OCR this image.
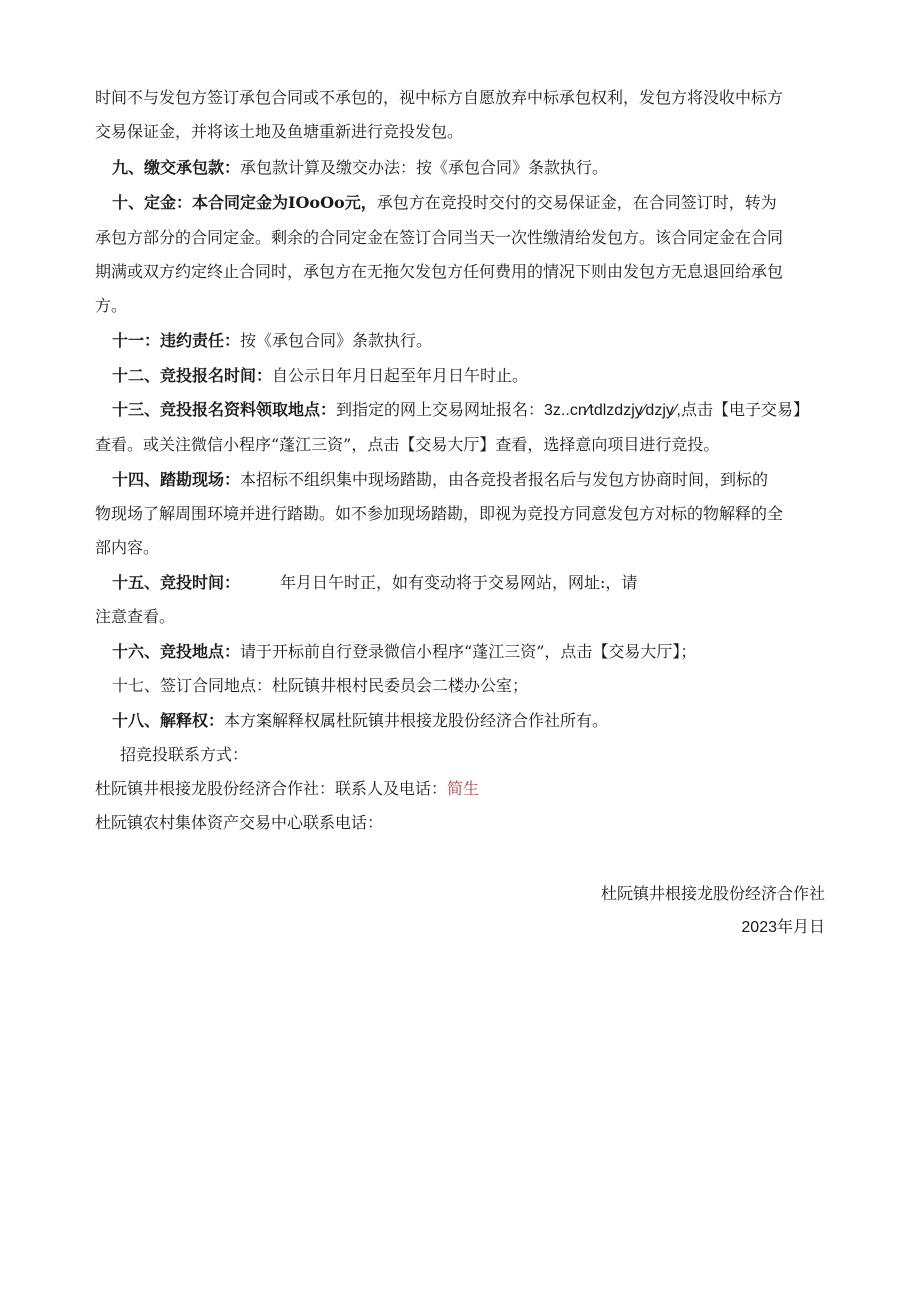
时间不与发包方签订承包合同或不承包的，视中标方自愿放弃中标承包权利，发包方将没收中标方
交易保证金，并将该土地及鱼塘重新进行竞投发包。
九、缴交承包款：承包款计算及缴交办法：按《承包合同》条款执行。
十、定金：本合同定金为IOoOo元，承包方在竞投时交付的交易保证金，在合同签订时，转为
承包方部分的合同定金。剩余的合同定金在签订合同当天一次性缴清给发包方。该合同定金在合同
期满或双方约定终止合同时，承包方在无拖欠发包方任何费用的情况下则由发包方无息退回给承包
方。
十一：违约责任：按《承包合同》条款执行。
十二、竞投报名时间：自公示日年月日起至年月日午时止。
十三、竞投报名资料领取地点：到指定的网上交易网址报名：3z..cn⁄tdlzdzjy⁄dzjy⁄,点击【电子交易】
查看。或关注微信小程序“蓬江三资”，点击【交易大厅】查看，选择意向项目进行竞投。
十四、踏勘现场：本招标不组织集中现场踏勘，由各竞投者报名后与发包方协商时间，到标的
物现场了解周围环境并进行踏勘。如不参加现场踏勘，即视为竞投方同意发包方对标的物解释的全
部内容。
十五、竞投时间：	年月日午时正，如有变动将于交易网站，网址:，请
注意查看。
十六、竞投地点：请于开标前自行登录微信小程序“蓬江三资”，点击【交易大厅】；
十七、签订合同地点：杜阮镇井根村民委员会二楼办公室；
十八、解释权：本方案解释权属杜阮镇井根接龙股份经济合作社所有。
招竞投联系方式：
杜阮镇井根接龙股份经济合作社：联系人及电话：简生
杜阮镇农村集体资产交易中心联系电话：
杜阮镇井根接龙股份经济合作社
2023年月日
